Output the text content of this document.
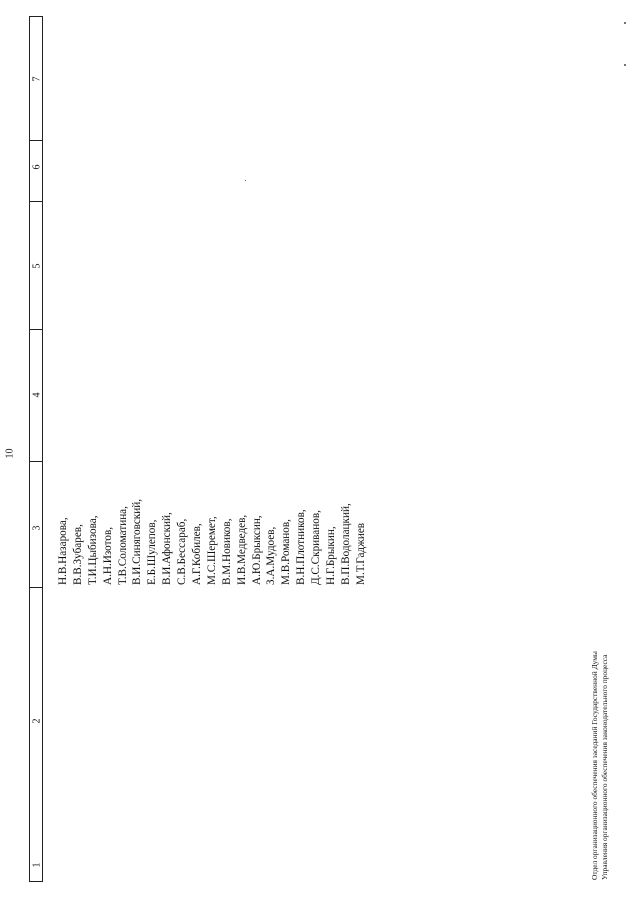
10
1
2
3
4
5
6
7
Н.В.Назарова, В.В.Зубарев, Т.И.Цыбизова, А.Н.Изотов, Т.В.Соломатина, В.И.Синяговский, Е.Б.Шулепов, В.И.Афонский, С.В.Бессараб, А.Г.Кобилев, М.С.Шеремет, В.М.Новиков, И.В.Медведев, А.Ю.Брыксин, З.А.Мудоев, М.В.Романов, В.Н.Плотников, Д.С.Скриванов, Н.Г.Брыкин, В.П.Водолацкий, М.Т.Гаджиев
Отдел организационного обеспечения заседаний Государственной Думы Управления организационного обеспечения законодательного процесса
